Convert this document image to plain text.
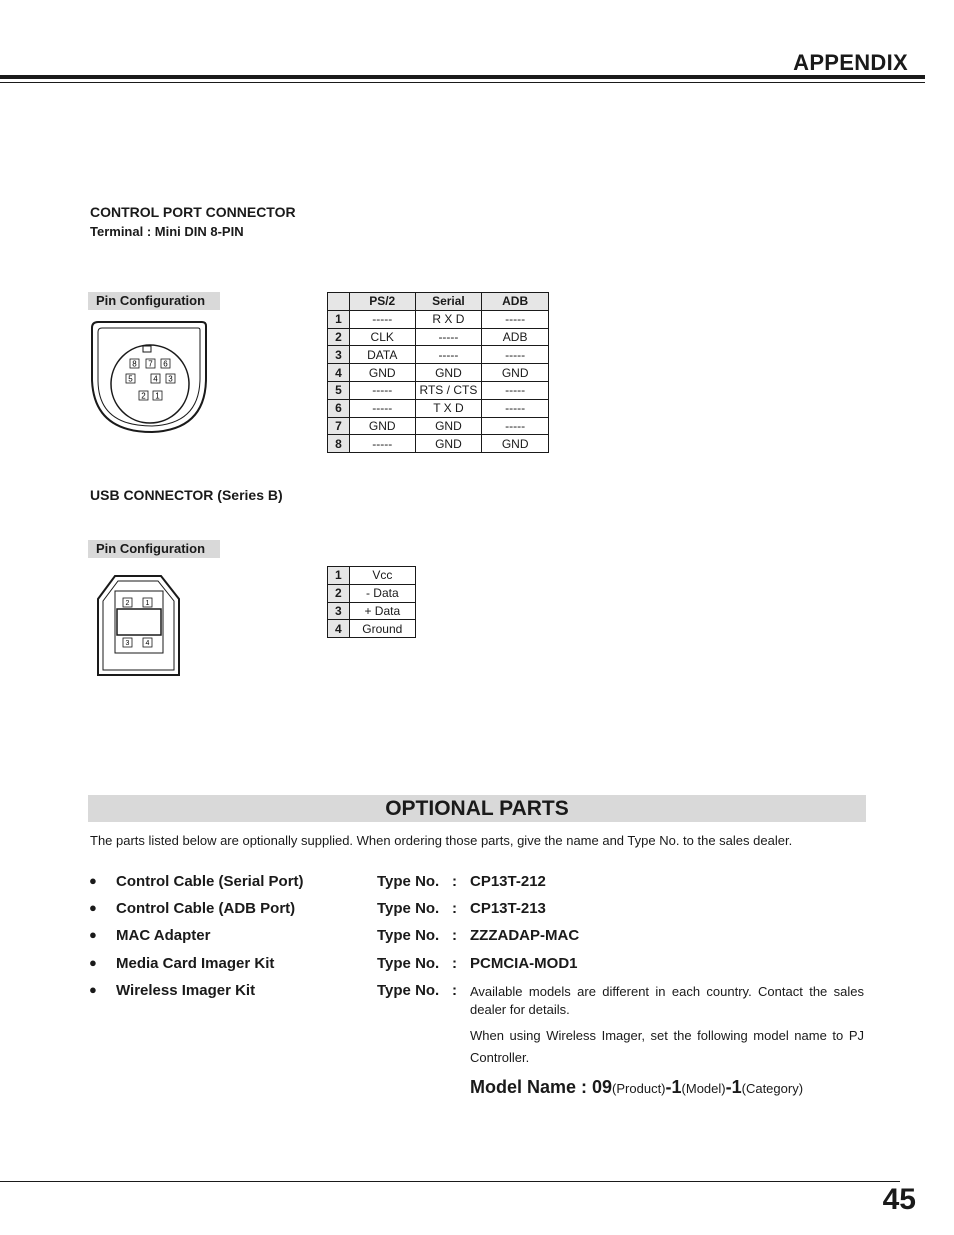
APPENDIX
CONTROL PORT CONNECTOR
Terminal : Mini DIN 8-PIN
Pin Configuration
8 7 6
5	4 3
2 1
	PS/2	Serial	ADB
1	-----	R X D	-----
2	CLK	-----	ADB
3	DATA	-----	-----
4	GND	GND	GND
5	-----	RTS / CTS	-----
6	-----	T X D	-----
7	GND	GND	-----
8	-----	GND	GND
USB CONNECTOR (Series B)
Pin Configuration
2 1
3 4
1	Vcc
2	- Data
3	+ Data
4	Ground
OPTIONAL PARTS
The parts listed below are optionally supplied. When ordering those parts, give the name and Type No. to the sales dealer.
● Control Cable (Serial Port)	Type No. : CP13T-212
● Control Cable (ADB Port)	Type No. : CP13T-213
● MAC Adapter	Type No. : ZZZADAP-MAC
● Media Card Imager Kit	Type No. : PCMCIA-MOD1
● Wireless Imager Kit	Type No. : Available models are different in each country. Contact the sales dealer for details.
When using Wireless Imager, set the following model name to PJ Controller.
Model Name : 09(Product)-1(Model)-1(Category)
45
